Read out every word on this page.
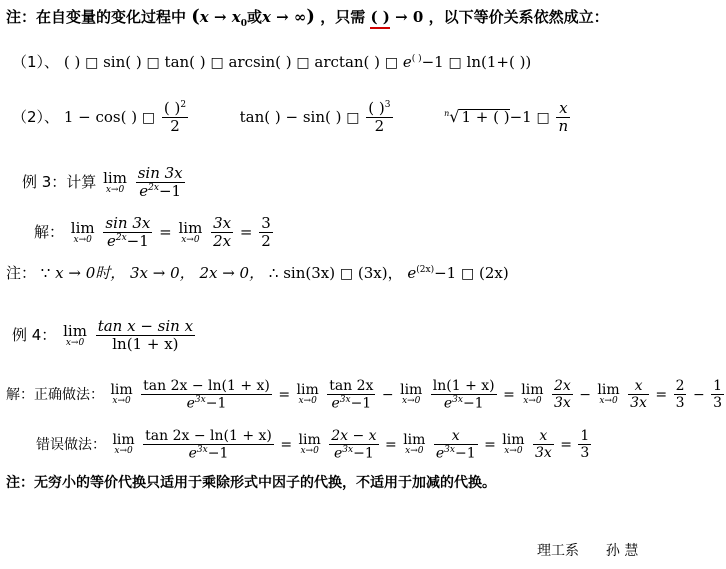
注：在自变量的变化过程中 ($x \to x_0$或x → ∞) ，只需 ( ) → 0 ，以下等价关系依然成立：
（1）、 ( ) □ sin( ) □ tan( ) □ arcsin( ) □ arctan( ) □ e( )−1 □ ln(1+( ))
（2）、 1 − cos( ) □ $\frac{( )^2}{2}$	tan( ) − sin( ) □ $\frac{( )^3}{2}$	$^n$√ 1 + ( )−1 □ $\frac{x}{n}$
例 3：计算 lim
x→0
$\frac{\sin 3x}{e^{2x}-1}$
解： lim
x→0
$\frac{\sin 3x}{e^{2x}-1} = \lim$
x→0
$\frac{3x}{2x} = \frac{3}{2}$
注： ∵ x → 0时， 3x → 0， 2x → 0， ∴ sin(3x) □ (3x)， $e^{(2x)}-1$ □ (2x)
例 4： lim
x→0
$\frac{\text{tan x − sin x}}{\ln(1 + x)}$
解：正确做法： lim
x→0
$\frac{\tan 2x - \ln(1 + x)}{e^{3x}-1} = \lim$
x→0
$\frac{\tan 2x}{e^{3x}-1} - \lim$
x→0
$\frac{\ln(1 + x)}{e^{3x}-1} = \lim$
x→0
$\frac{2x}{3x} - \lim$
x→0
$\frac{x}{3x} = \frac{2}{3} - \frac{1}{3}$
错误做法： lim
x→0
$\frac{\tan 2x - \ln(1 + x)}{e^{3x}-1} = \lim$
x→0
$\frac{2x - x}{e^{3x}-1} = \lim$
x→0
$\frac{x}{e^{3x}-1} = \lim$
x→0
$\frac{x}{3x} = \frac{1}{3}$
注：无穷小的等价代换只适用于乘除形式中因子的代换，不适用于加减的代换。
理工系 孙 慧
